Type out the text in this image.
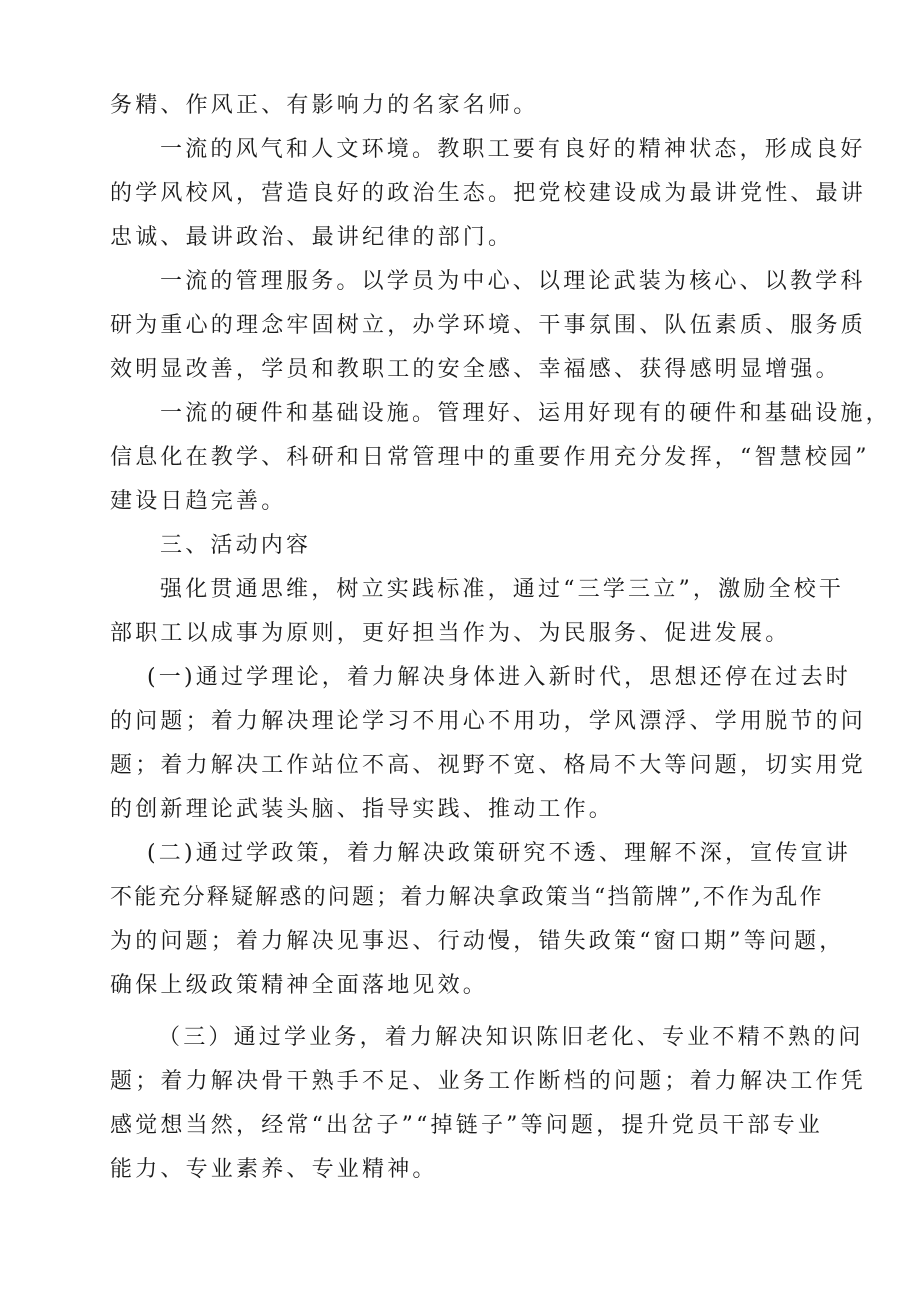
务精、作风正、有影响力的名家名师。
一流的风气和人文环境。教职工要有良好的精神状态，形成良好
的学风校风，营造良好的政治生态。把党校建设成为最讲党性、最讲
忠诚、最讲政治、最讲纪律的部门。
一流的管理服务。以学员为中心、以理论武装为核心、以教学科
研为重心的理念牢固树立，办学环境、干事氛围、队伍素质、服务质
效明显改善，学员和教职工的安全感、幸福感、获得感明显增强。
一流的硬件和基础设施。管理好、运用好现有的硬件和基础设施，
信息化在教学、科研和日常管理中的重要作用充分发挥，“智慧校园”
建设日趋完善。
三、活动内容
强化贯通思维，树立实践标准，通过“三学三立”，激励全校干
部职工以成事为原则，更好担当作为、为民服务、促进发展。
(一)通过学理论，着力解决身体进入新时代，思想还停在过去时
的问题；着力解决理论学习不用心不用功，学风漂浮、学用脱节的问
题；着力解决工作站位不高、视野不宽、格局不大等问题，切实用党
的创新理论武装头脑、指导实践、推动工作。
(二)通过学政策，着力解决政策研究不透、理解不深，宣传宣讲
不能充分释疑解惑的问题；着力解决拿政策当“挡箭牌”,不作为乱作
为的问题；着力解决见事迟、行动慢，错失政策“窗口期”等问题，
确保上级政策精神全面落地见效。
（三）通过学业务，着力解决知识陈旧老化、专业不精不熟的问
题；着力解决骨干熟手不足、业务工作断档的问题；着力解决工作凭
感觉想当然，经常“出岔子”“掉链子”等问题，提升党员干部专业
能力、专业素养、专业精神。
